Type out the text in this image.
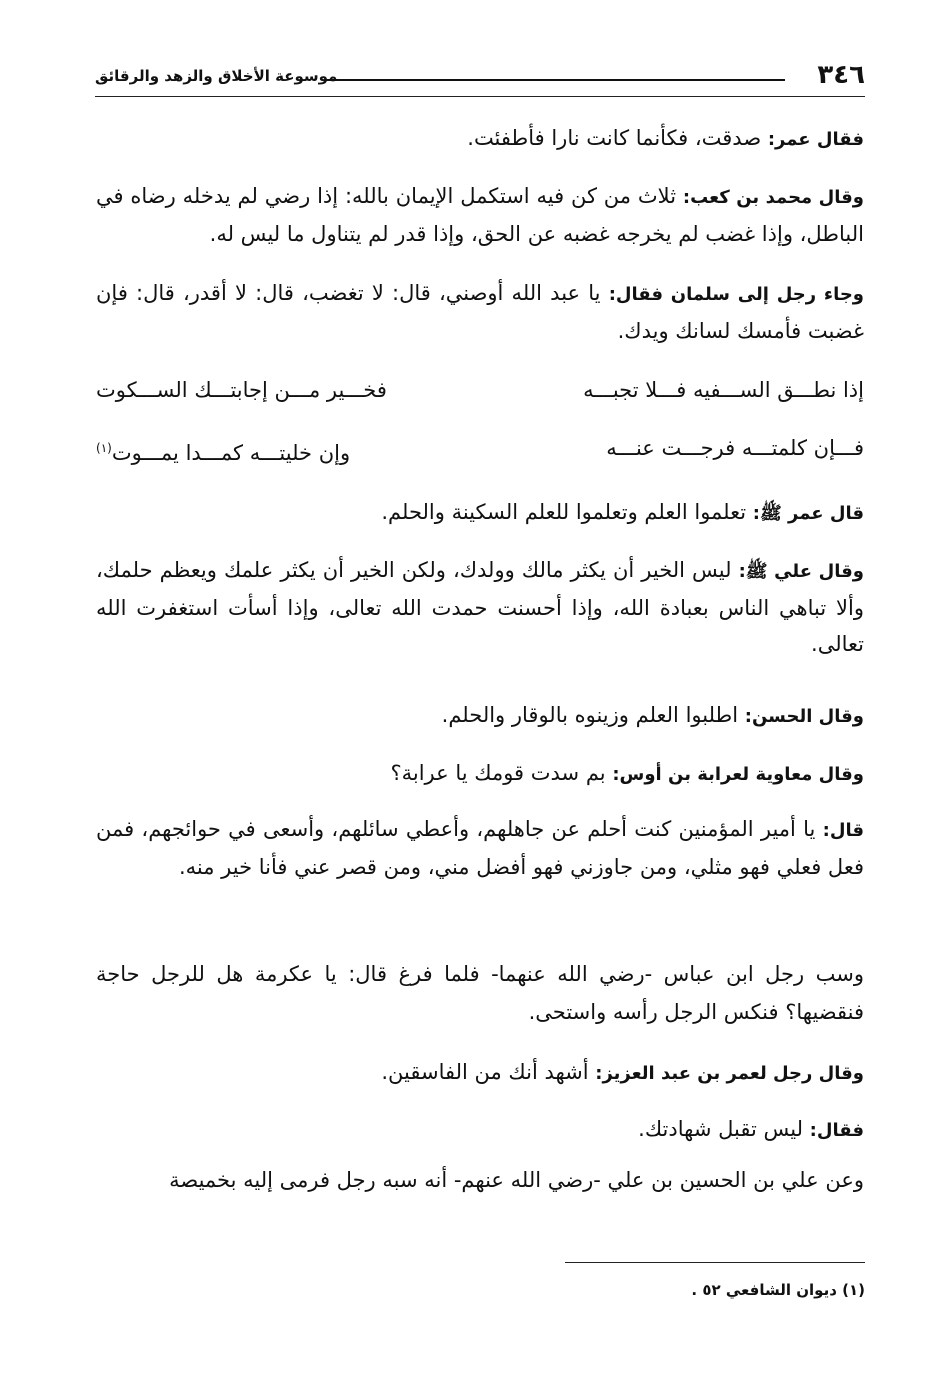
٣٤٦
موسوعة الأخلاق والزهد والرقائق

فقال عمر: صدقت، فكأنما كانت نارا فأطفئت.

وقال محمد بن كعب: ثلاث من كن فيه استكمل الإيمان بالله: إذا رضي لم يدخله رضاه في الباطل، وإذا غضب لم يخرجه غضبه عن الحق، وإذا قدر لم يتناول ما ليس له.

وجاء رجل إلى سلمان فقال: يا عبد الله أوصني، قال: لا تغضب، قال: لا أقدر، قال: فإن غضبت فأمسك لسانك ويدك.

إذا نطـــق الســـفيه فـــلا تجبـــه
فخـــير مـــن إجابتـــك الســـكوت
فـــإن كلمتـــه فرجـــت عنـــه
وإن خليتـــه كمـــدا يمـــوت$^{(١)}$

قال عمر ﷺ: تعلموا العلم وتعلموا للعلم السكينة والحلم.

وقال علي ﷺ: ليس الخير أن يكثر مالك وولدك، ولكن الخير أن يكثر علمك ويعظم حلمك، وألا تباهي الناس بعبادة الله، وإذا أحسنت حمدت الله تعالى، وإذا أسأت استغفرت الله تعالى.

وقال الحسن: اطلبوا العلم وزينوه بالوقار والحلم.

وقال معاوية لعرابة بن أوس: بم سدت قومك يا عرابة؟

قال: يا أمير المؤمنين كنت أحلم عن جاهلهم، وأعطي سائلهم، وأسعى في حوائجهم، فمن فعل فعلي فهو مثلي، ومن جاوزني فهو أفضل مني، ومن قصر عني فأنا خير منه.

وسب رجل ابن عباس -رضي الله عنهما- فلما فرغ قال: يا عكرمة هل للرجل حاجة فنقضيها؟ فنكس الرجل رأسه واستحى.

وقال رجل لعمر بن عبد العزيز: أشهد أنك من الفاسقين.

فقال: ليس تقبل شهادتك.

وعن علي بن الحسين بن علي -رضي الله عنهم- أنه سبه رجل فرمى إليه بخميصة

(١) ديوان الشافعي ٥٢ .
